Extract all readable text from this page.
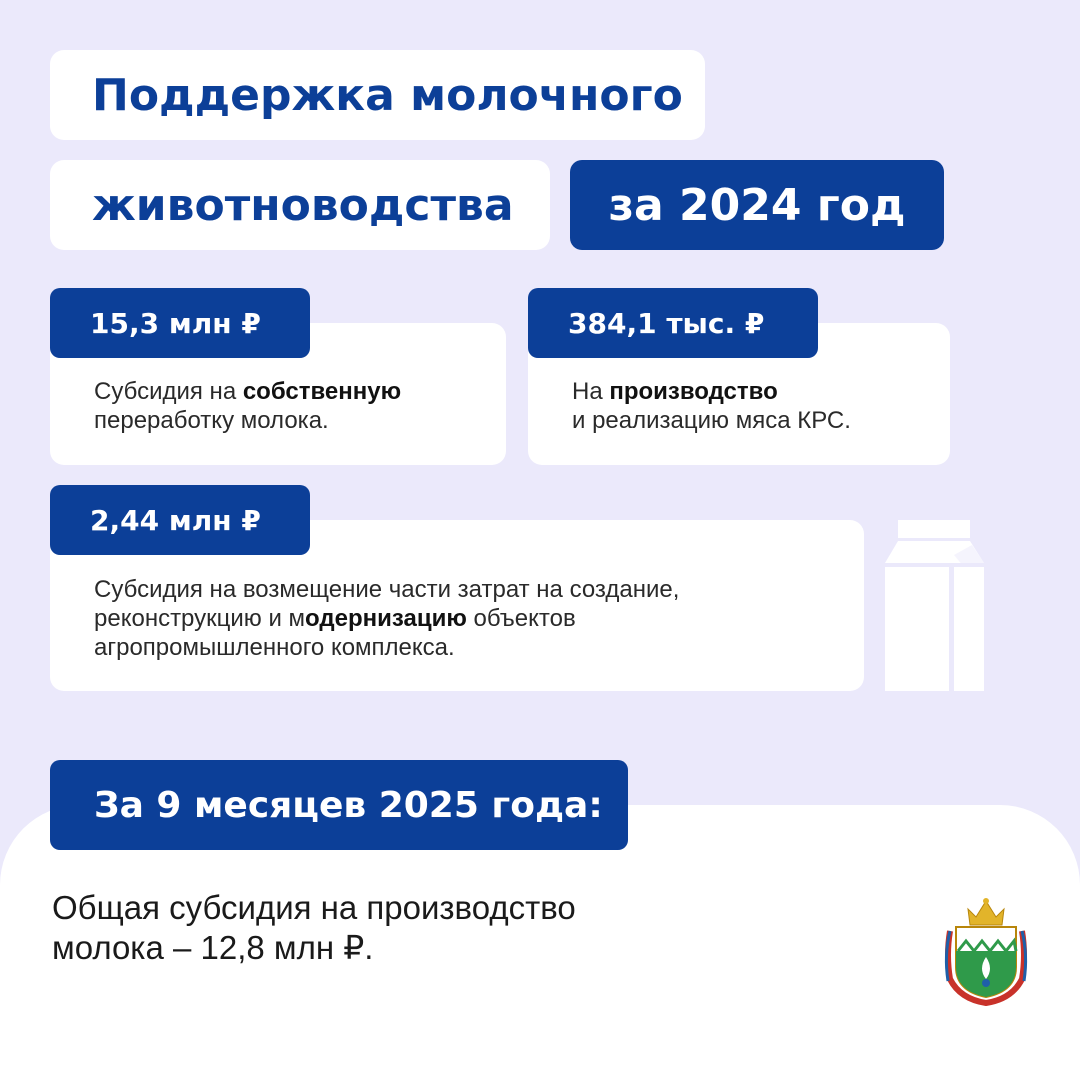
Поддержка молочного
животноводства за 2024 год
Субсидия на собственную
переработку молока.
15,3 млн ₽
На производство
и реализацию мяса КРС.
384,1 тыс. ₽
Субсидия на возмещение части затрат на создание,
реконструкцию и модернизацию объектов
агропромышленного комплекса.
2,44 млн ₽
За 9 месяцев 2025 года:
Общая субсидия на производство
молока – 12,8 млн ₽.
